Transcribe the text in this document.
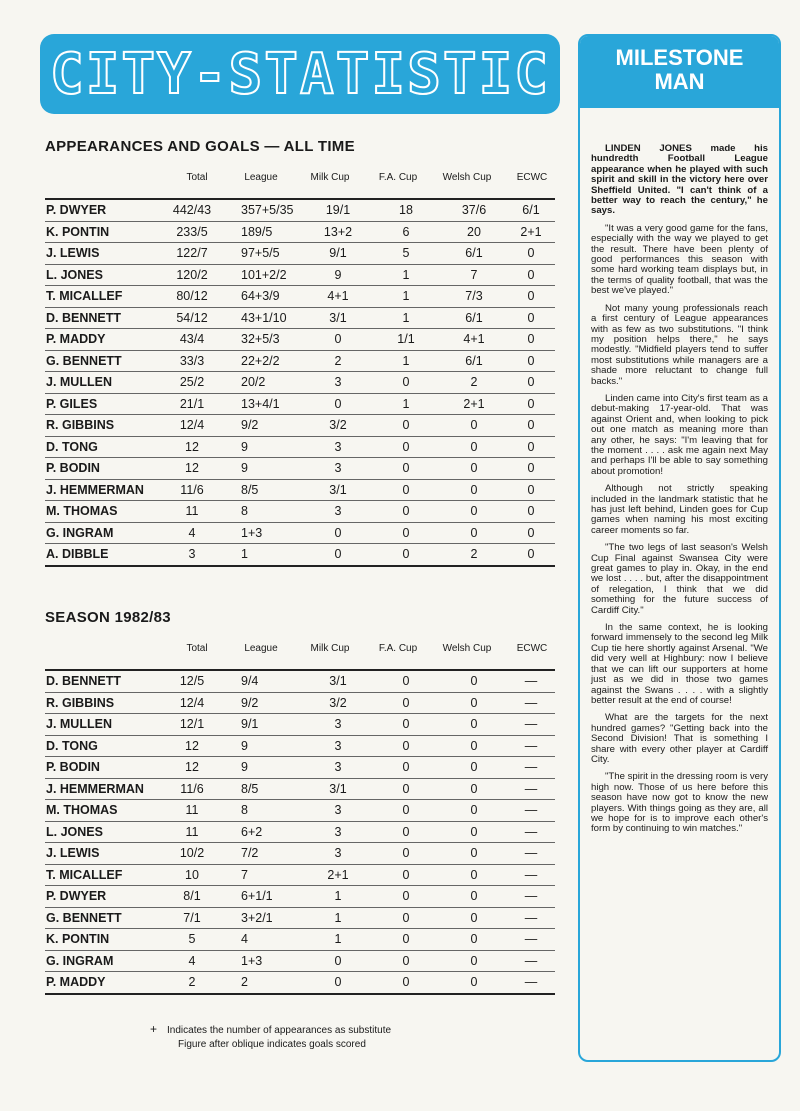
CITY-STATISTIC
APPEARANCES AND GOALS — ALL TIME
Total	League	Milk Cup	F.A. Cup	Welsh Cup	ECWC
P. DWYER	442/43	357+5/35	19/1	18	37/6	6/1
K. PONTIN	233/5	189/5	13+2	6	20	2+1
J. LEWIS	122/7	97+5/5	9/1	5	6/1	0
L. JONES	120/2	101+2/2	9	1	7	0
T. MICALLEF	80/12	64+3/9	4+1	1	7/3	0
D. BENNETT	54/12	43+1/10	3/1	1	6/1	0
P. MADDY	43/4	32+5/3	0	1/1	4+1	0
G. BENNETT	33/3	22+2/2	2	1	6/1	0
J. MULLEN	25/2	20/2	3	0	2	0
P. GILES	21/1	13+4/1	0	1	2+1	0
R. GIBBINS	12/4	9/2	3/2	0	0	0
D. TONG	12	9	3	0	0	0
P. BODIN	12	9	3	0	0	0
J. HEMMERMAN	11/6	8/5	3/1	0	0	0
M. THOMAS	11	8	3	0	0	0
G. INGRAM	4	1+3	0	0	0	0
A. DIBBLE	3	1	0	0	2	0
SEASON 1982/83
Total	League	Milk Cup	F.A. Cup	Welsh Cup	ECWC
D. BENNETT	12/5	9/4	3/1	0	0	—
R. GIBBINS	12/4	9/2	3/2	0	0	—
J. MULLEN	12/1	9/1	3	0	0	—
D. TONG	12	9	3	0	0	—
P. BODIN	12	9	3	0	0	—
J. HEMMERMAN	11/6	8/5	3/1	0	0	—
M. THOMAS	11	8	3	0	0	—
L. JONES	11	6+2	3	0	0	—
J. LEWIS	10/2	7/2	3	0	0	—
T. MICALLEF	10	7	2+1	0	0	—
P. DWYER	8/1	6+1/1	1	0	0	—
G. BENNETT	7/1	3+2/1	1	0	0	—
K. PONTIN	5	4	1	0	0	—
G. INGRAM	4	1+3	0	0	0	—
P. MADDY	2	2	0	0	0	—
+ Indicates the number of appearances as substitute
Figure after oblique indicates goals scored
MILESTONE
MAN

LINDEN JONES made his hundredth Football League appearance when he played with such spirit and skill in the victory here over Sheffield United. "I can't think of a better way to reach the century," he says.

"It was a very good game for the fans, especially with the way we played to get the result. There have been plenty of good performances this season with some hard working team displays but, in the terms of quality football, that was the best we've played."

Not many young professionals reach a first century of League appearances with as few as two substitutions. "I think my position helps there," he says modestly. "Midfield players tend to suffer most substitutions while managers are a shade more reluctant to change full backs."

Linden came into City's first team as a debut-making 17-year-old. That was against Orient and, when looking to pick out one match as meaning more than any other, he says: "I'm leaving that for the moment . . . . ask me again next May and perhaps I'll be able to say something about promotion!

Although not strictly speaking included in the landmark statistic that he has just left behind, Linden goes for Cup games when naming his most exciting career moments so far.

"The two legs of last season's Welsh Cup Final against Swansea City were great games to play in. Okay, in the end we lost . . . . but, after the disappointment of relegation, I think that we did something for the future success of Cardiff City."

In the same context, he is looking forward immensely to the second leg Milk Cup tie here shortly against Arsenal. "We did very well at Highbury: now I believe that we can lift our supporters at home just as we did in those two games against the Swans . . . . with a slightly better result at the end of course!

What are the targets for the next hundred games? "Getting back into the Second Division! That is something I share with every other player at Cardiff City.

"The spirit in the dressing room is very high now. Those of us here before this season have now got to know the new players. With things going as they are, all we hope for is to improve each other's form by continuing to win matches."
